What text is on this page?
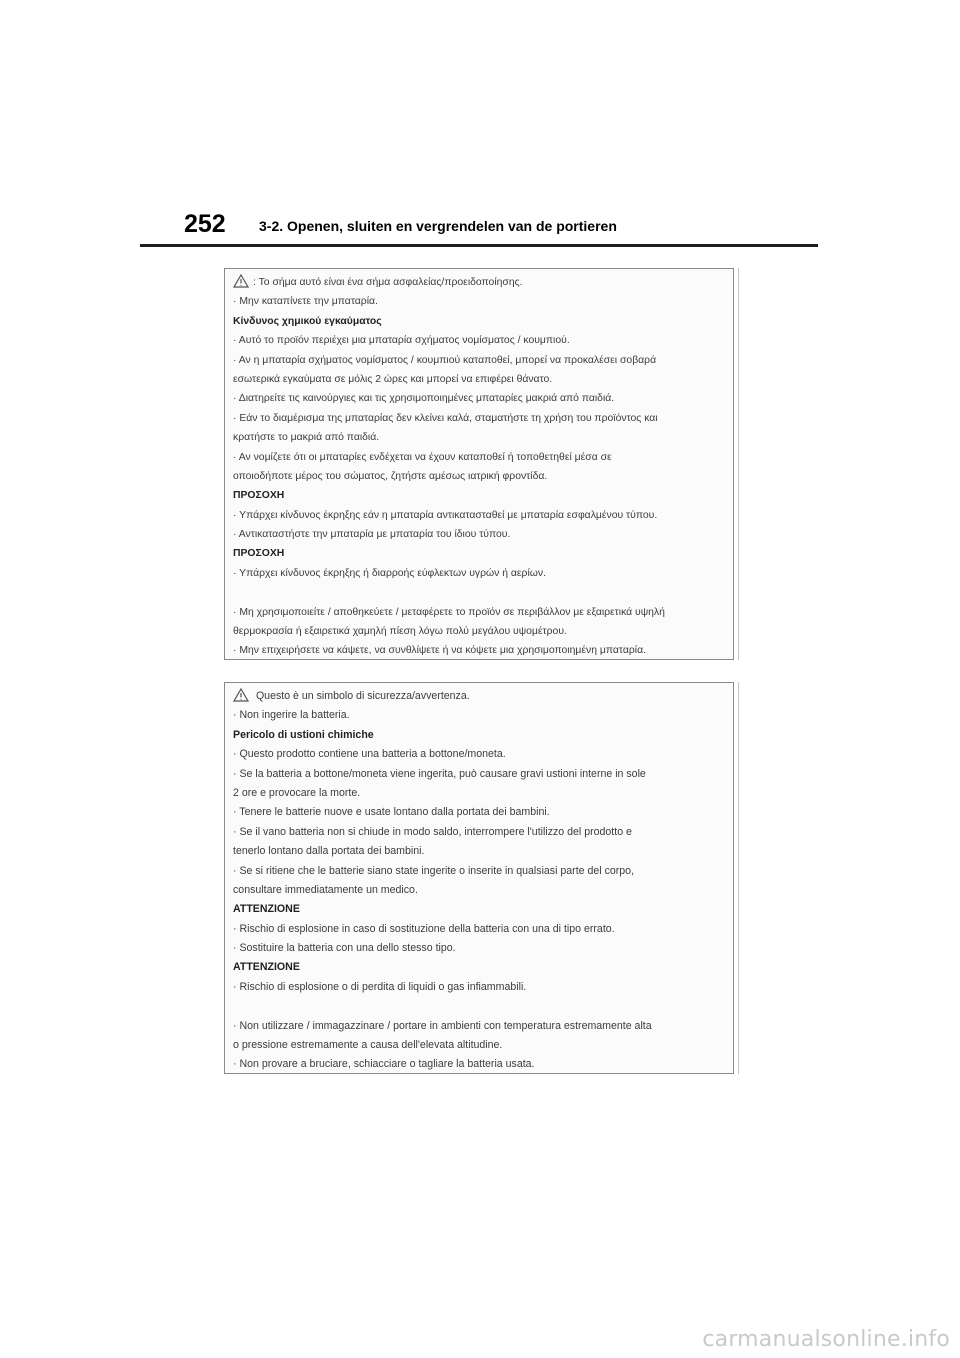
252 3-2. Openen, sluiten en vergrendelen van de portieren
: Το σήμα αυτό είναι ένα σήμα ασφαλείας/προειδοποίησης.
· Μην καταπίνετε την μπαταρία.
Κίνδυνος χημικού εγκαύματος
· Αυτό το προϊόν περιέχει μια μπαταρία σχήματος νομίσματος / κουμπιού.
· Αν η μπαταρία σχήματος νομίσματος / κουμπιού καταποθεί, μπορεί να προκαλέσει σοβαρά
εσωτερικά εγκαύματα σε μόλις 2 ώρες και μπορεί να επιφέρει θάνατο.
· Διατηρείτε τις καινούργιες και τις χρησιμοποιημένες μπαταρίες μακριά από παιδιά.
· Εάν το διαμέρισμα της μπαταρίας δεν κλείνει καλά, σταματήστε τη χρήση του προϊόντος και
κρατήστε το μακριά από παιδιά.
· Αν νομίζετε ότι οι μπαταρίες ενδέχεται να έχουν καταποθεί ή τοποθετηθεί μέσα σε
οποιοδήποτε μέρος του σώματος, ζητήστε αμέσως ιατρική φροντίδα.
ΠΡΟΣΟΧΗ
· Υπάρχει κίνδυνος έκρηξης εάν η μπαταρία αντικατασταθεί με μπαταρία εσφαλμένου τύπου.
· Αντικαταστήστε την μπαταρία με μπαταρία του ίδιου τύπου.
ΠΡΟΣΟΧΗ
· Υπάρχει κίνδυνος έκρηξης ή διαρροής εύφλεκτων υγρών ή αερίων.
· Μη χρησιμοποιείτε / αποθηκεύετε / μεταφέρετε το προϊόν σε περιβάλλον με εξαιρετικά υψηλή
θερμοκρασία ή εξαιρετικά χαμηλή πίεση λόγω πολύ μεγάλου υψομέτρου.
· Μην επιχειρήσετε να κάψετε, να συνθλίψετε ή να κόψετε μια χρησιμοποιημένη μπαταρία.
Questo è un simbolo di sicurezza/avvertenza.
· Non ingerire la batteria.
Pericolo di ustioni chimiche
· Questo prodotto contiene una batteria a bottone/moneta.
· Se la batteria a bottone/moneta viene ingerita, può causare gravi ustioni interne in sole
2 ore e provocare la morte.
· Tenere le batterie nuove e usate lontano dalla portata dei bambini.
· Se il vano batteria non si chiude in modo saldo, interrompere l'utilizzo del prodotto e
tenerlo lontano dalla portata dei bambini.
· Se si ritiene che le batterie siano state ingerite o inserite in qualsiasi parte del corpo,
consultare immediatamente un medico.
ATTENZIONE
· Rischio di esplosione in caso di sostituzione della batteria con una di tipo errato.
· Sostituire la batteria con una dello stesso tipo.
ATTENZIONE
· Rischio di esplosione o di perdita di liquidi o gas infiammabili.
· Non utilizzare / immagazzinare / portare in ambienti con temperatura estremamente alta
o pressione estremamente a causa dell'elevata altitudine.
· Non provare a bruciare, schiacciare o tagliare la batteria usata.
carmanualsonline.info
